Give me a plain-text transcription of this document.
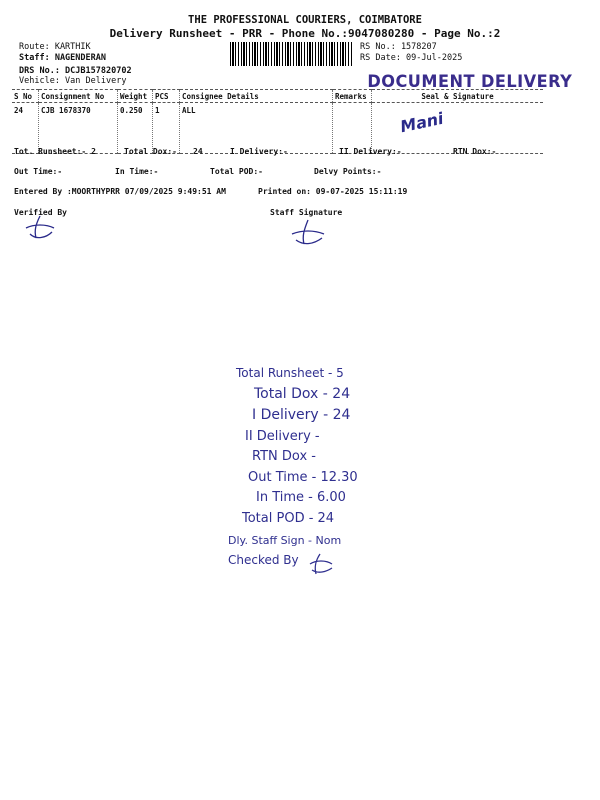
THE PROFESSIONAL COURIERS, COIMBATORE
Delivery Runsheet - PRR - Phone No.:9047080280 - Page No.:2
Route: KARTHIK
Staff: NAGENDERAN
DRS No.: DCJB157820702
Vehicle: Van Delivery
RS No.: 1578207
RS Date: 09-Jul-2025
DOCUMENT DELIVERY
S No	Consignment No	Weight	PCS	Consignee Details	Remarks	Seal & Signature
24	CJB 1678370	0.250	1	ALL		Mani
Tot. Runsheet:- 2	Total Dox:- 24	I Delivery:-	II Delivery:-	RTN Dox:-
Out Time:-	In Time:-	Total POD:-	Delvy Points:-
Entered By :MOORTHYPRR 07/09/2025 9:49:51 AM	Printed on: 09-07-2025 15:11:19
Verified By	Staff Signature
Total Runsheet - 5
Total Dox - 24
I Delivery - 24
II Delivery -
RTN Dox -
Out Time - 12.30
In Time - 6.00
Total POD - 24
Dly. Staff Sign - Nom
Checked By
